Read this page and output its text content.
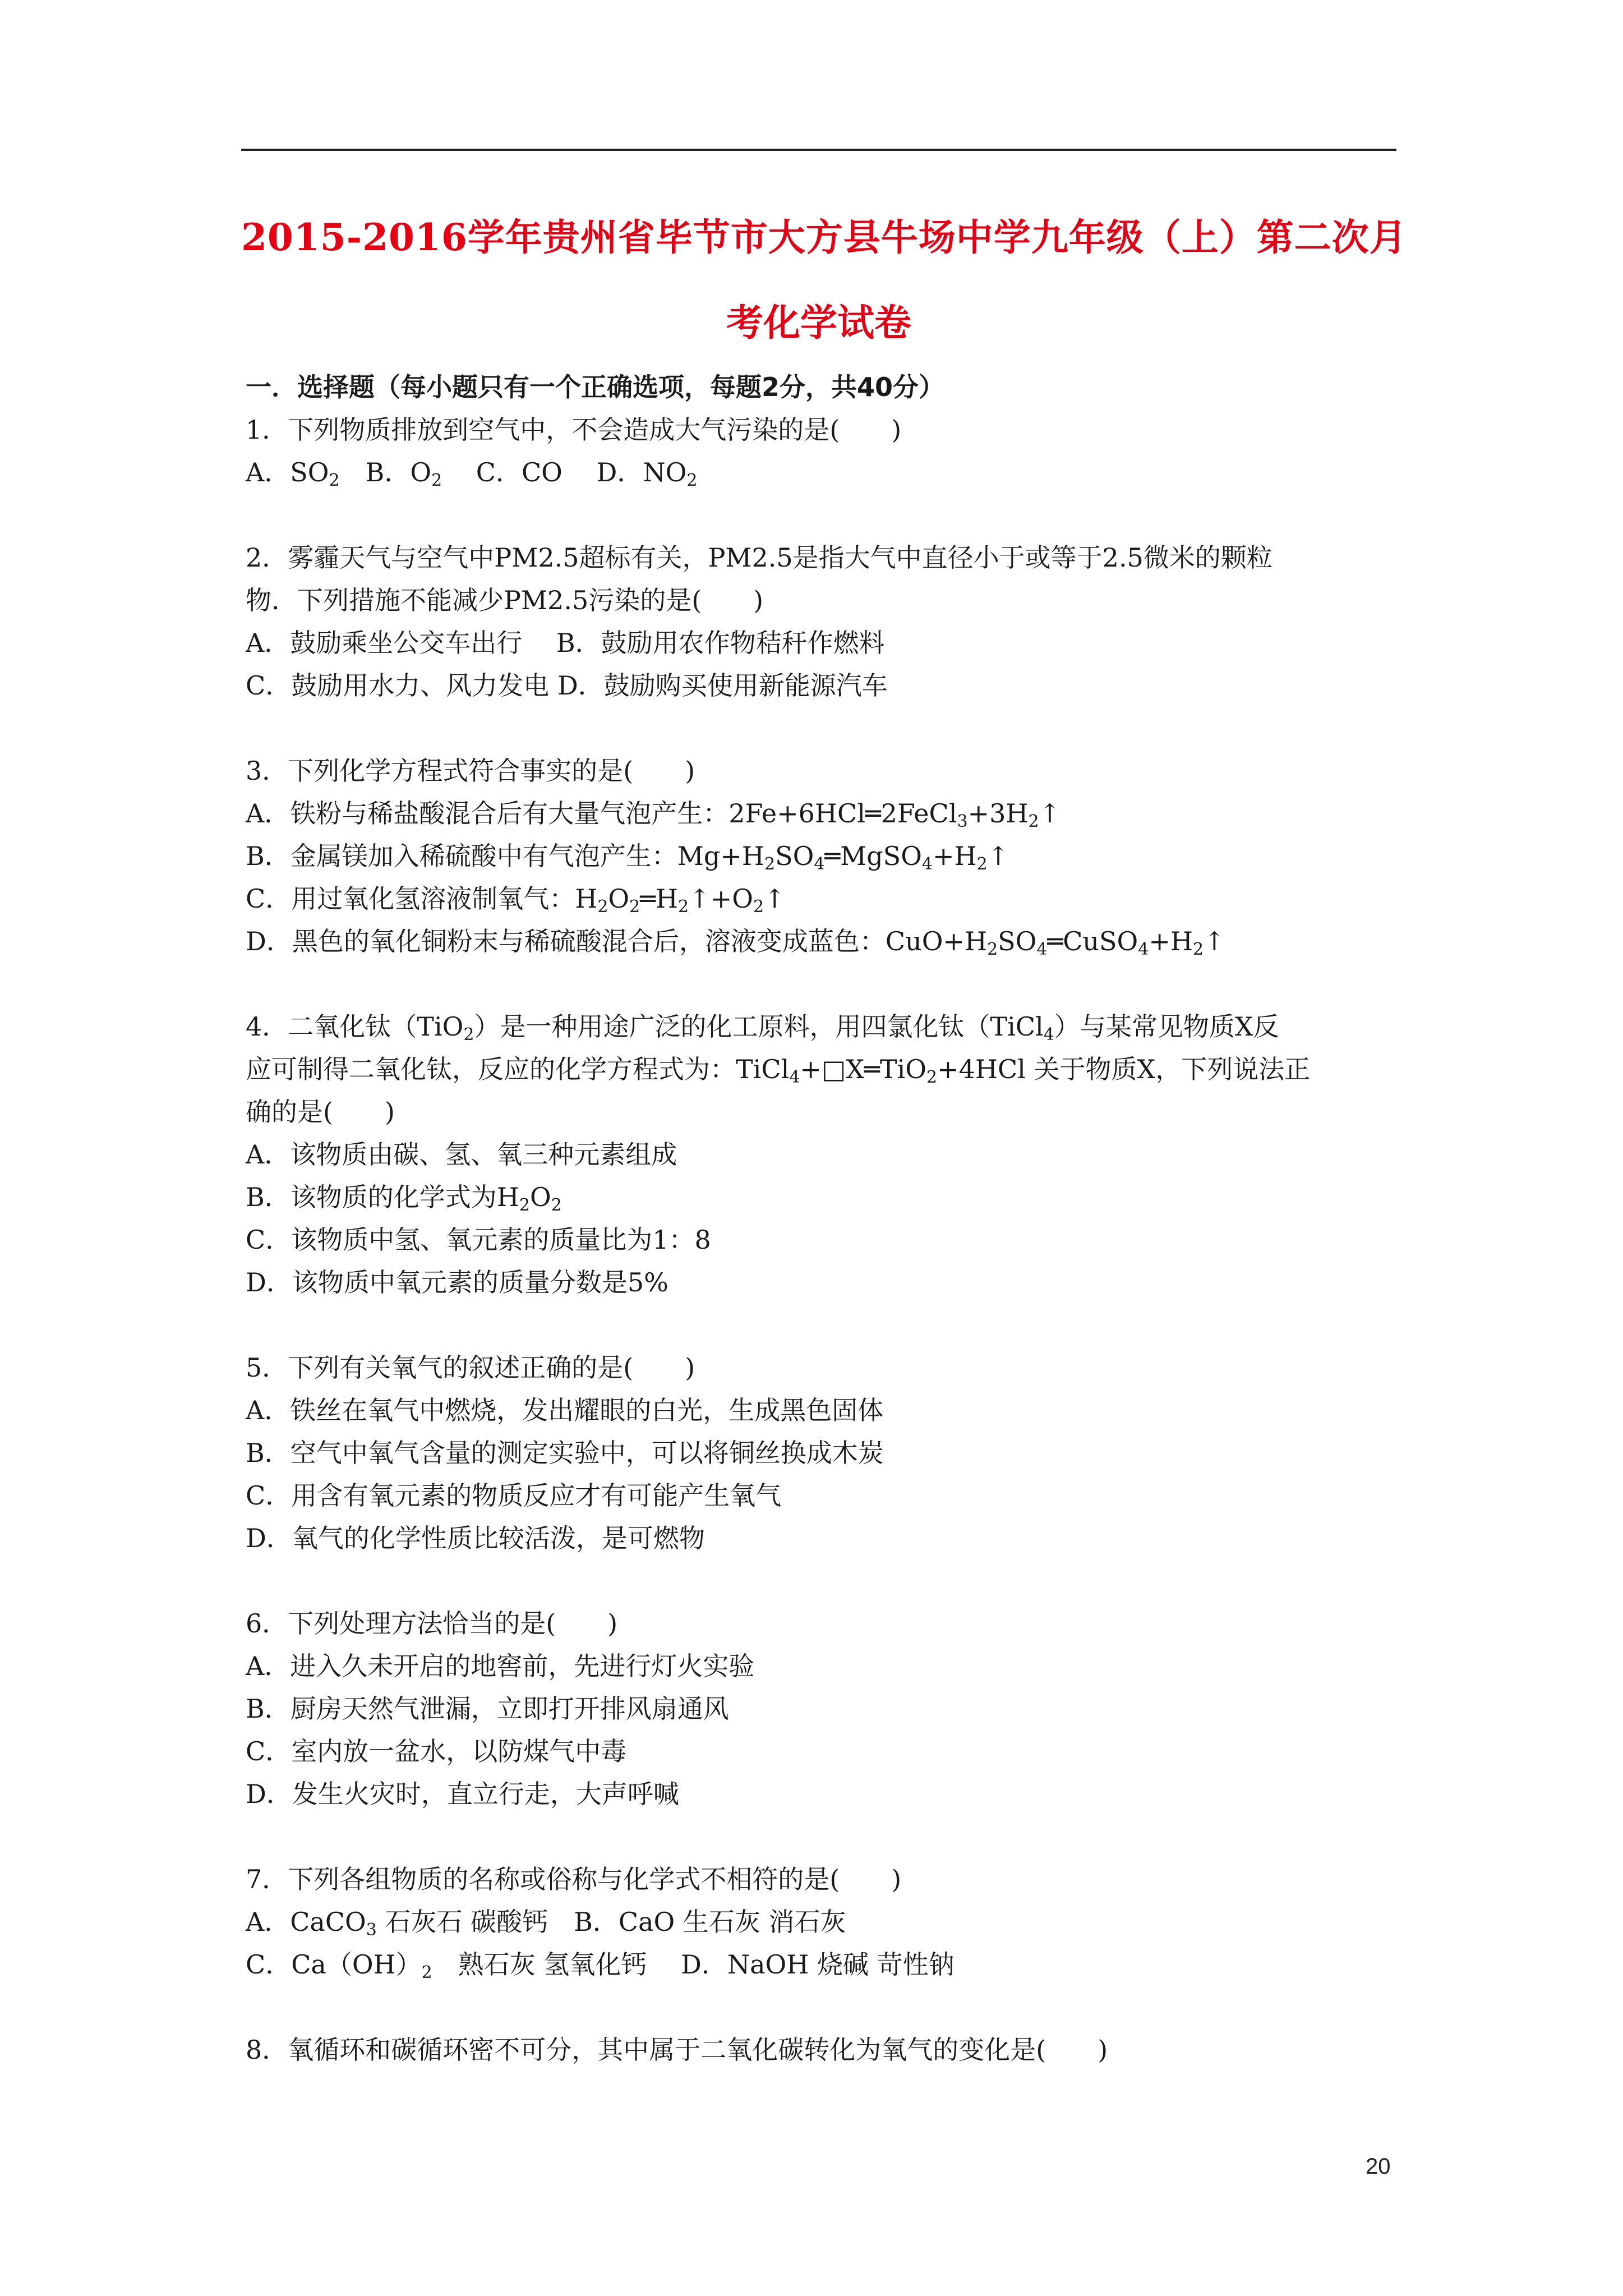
2015-2016学年贵州省毕节市大方县牛场中学九年级（上）第二次月
考化学试卷
一．选择题（每小题只有一个正确选项，每题2分，共40分）
1．下列物质排放到空气中，不会造成大气污染的是(　　)
A．$SO_2$　B．$O_2$　 C．CO　 D．$NO_2$
2．雾霾天气与空气中PM2.5超标有关，PM2.5是指大气中直径小于或等于2.5微米的颗粒
物．下列措施不能减少PM2.5污染的是(　　)
A．鼓励乘坐公交车出行　 B．鼓励用农作物秸秆作燃料
C．鼓励用水力、风力发电 D．鼓励购买使用新能源汽车
3．下列化学方程式符合事实的是(　　)
A．铁粉与稀盐酸混合后有大量气泡产生：$2Fe+6HCl═2FeCl_3+3H_2↑$
B．金属镁加入稀硫酸中有气泡产生：$Mg+H_2SO_4═MgSO_4+H_2↑$
C．用过氧化氢溶液制氧气：$H_2O_2═H_2↑+O_2↑$
D．黑色的氧化铜粉末与稀硫酸混合后，溶液变成蓝色：$CuO+H_2SO_4═CuSO_4+H_2↑$
4．二氧化钛（TiO$_2$）是一种用途广泛的化工原料，用四氯化钛（TiCl$_4$）与某常见物质X反
应可制得二氧化钛，反应的化学方程式为：TiCl$_4$+□X═TiO$_2$+4HCl 关于物质X，下列说法正
确的是(　　)
A．该物质由碳、氢、氧三种元素组成
B．该物质的化学式为$H_2O_2$
C．该物质中氢、氧元素的质量比为1：8
D．该物质中氧元素的质量分数是5%
5．下列有关氧气的叙述正确的是(　　)
A．铁丝在氧气中燃烧，发出耀眼的白光，生成黑色固体
B．空气中氧气含量的测定实验中，可以将铜丝换成木炭
C．用含有氧元素的物质反应才有可能产生氧气
D．氧气的化学性质比较活泼，是可燃物
6．下列处理方法恰当的是(　　)
A．进入久未开启的地窖前，先进行灯火实验
B．厨房天然气泄漏，立即打开排风扇通风
C．室内放一盆水，以防煤气中毒
D．发生火灾时，直立行走，大声呼喊
7．下列各组物质的名称或俗称与化学式不相符的是(　　)
A．CaCO$_3$ 石灰石 碳酸钙　B．CaO 生石灰 消石灰
C．$Ca(OH)_2$　熟石灰 氢氧化钙　 D．NaOH 烧碱 苛性钠
8．氧循环和碳循环密不可分，其中属于二氧化碳转化为氧气的变化是(　　)
20
